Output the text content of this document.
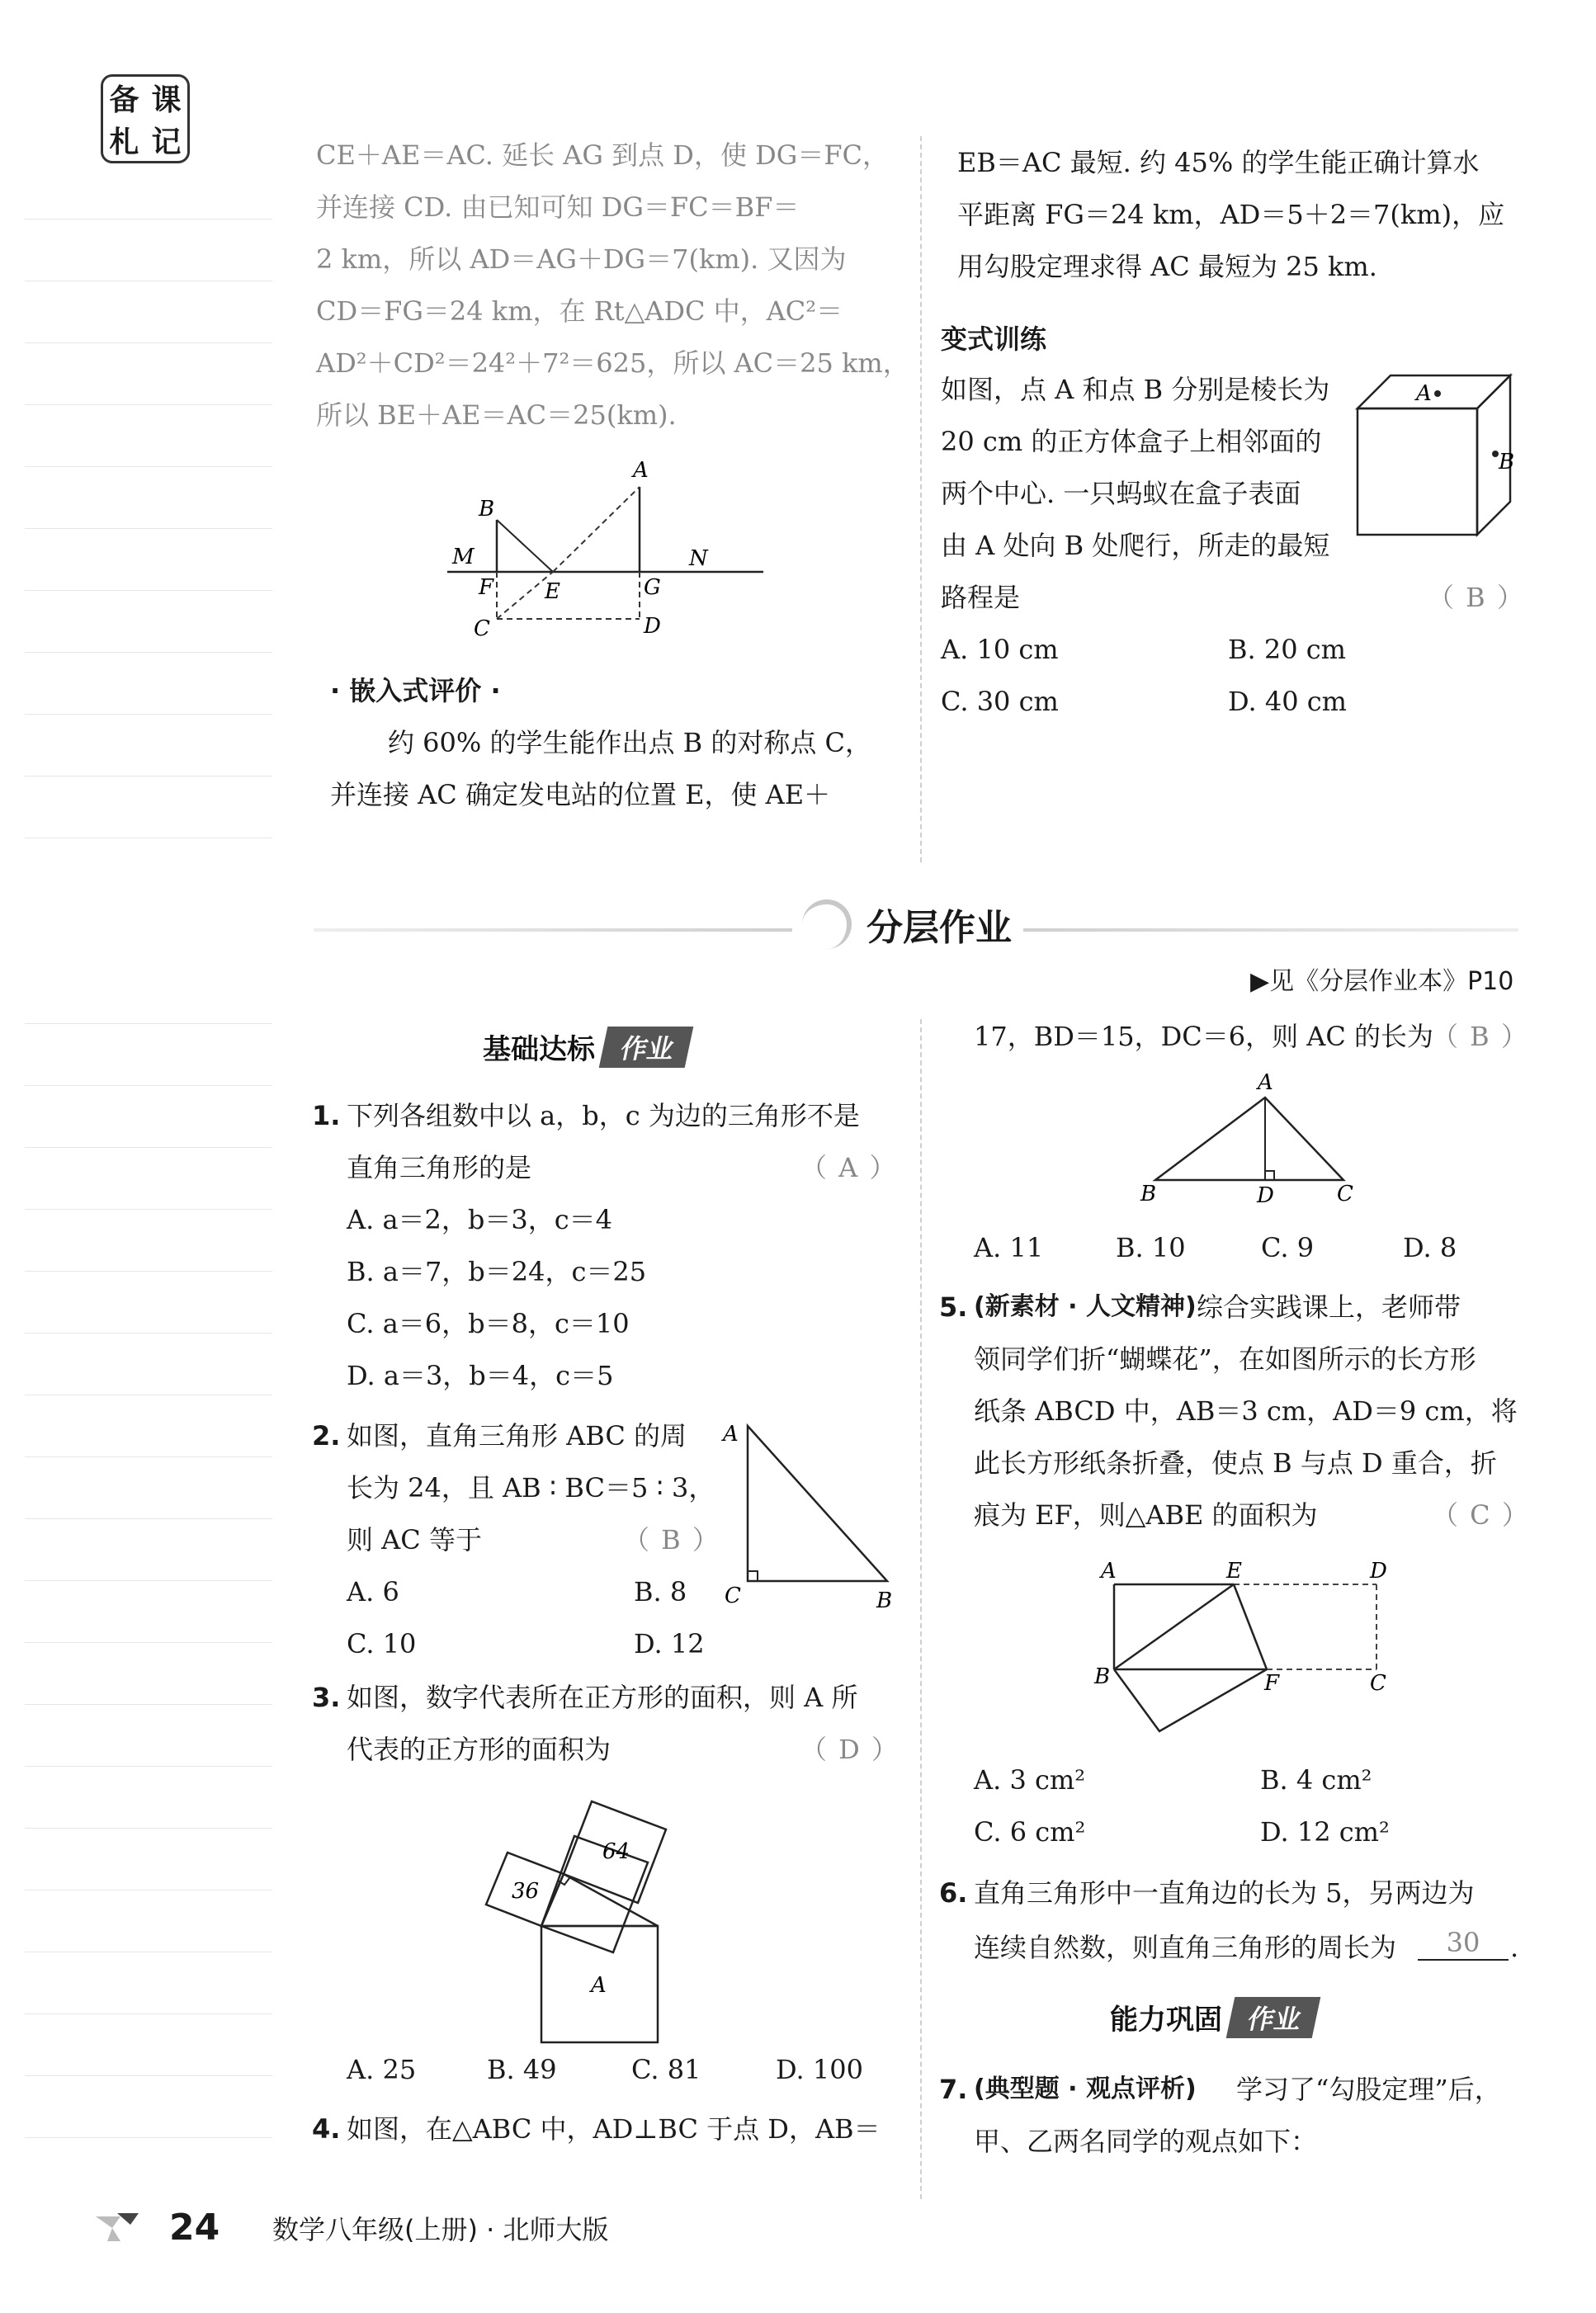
备 课
札 记	CE＋AE＝AC. 延长 AG 到点 D，使 DG＝FC，
并连接 CD. 由已知可知 DG＝FC＝BF＝
2 km，所以 AD＝AG＋DG＝7(km). 又因为
CD＝FG＝24 km，在 Rt△ADC 中，AC²＝
AD²＋CD²＝24²＋7²＝625，所以 AC＝25 km，
所以 BE＋AE＝AC＝25(km).
A
B
M	N
F E	G
C	D
· 嵌入式评价 ·
约 60% 的学生能作出点 B 的对称点 C，
并连接 AC 确定发电站的位置 E，使 AE＋
EB＝AC 最短. 约 45% 的学生能正确计算水
平距离 FG＝24 km，AD＝5＋2＝7(km)，应
用勾股定理求得 AC 最短为 25 km.
变式训练
如图，点 A 和点 B 分别是棱长为
20 cm 的正方体盒子上相邻面的
两个中心. 一只蚂蚁在盒子表面
由 A 处向 B 处爬行，所走的最短
路程是	（ B ）
A
B
A. 10 cm	B. 20 cm
C. 30 cm	D. 40 cm
分层作业
▶见《分层作业本》P10
基础达标 作业
1. 下列各组数中以 a，b，c 为边的三角形不是
直角三角形的是	（ A ）
A. a＝2，b＝3，c＝4
B. a＝7，b＝24，c＝25
C. a＝6，b＝8，c＝10
D. a＝3，b＝4，c＝5
2. 如图，直角三角形 ABC 的周
长为 24，且 AB ∶ BC＝5 ∶ 3，
则 AC 等于	（ B ）
A. 6	B. 8
C. 10	D. 12
A
C	B
3. 如图，数字代表所在正方形的面积，则 A 所
代表的正方形的面积为	（ D ）
36
64
A
A. 25	B. 49	C. 81	D. 100
4. 如图，在△ABC 中，AD⊥BC 于点 D，AB＝
17，BD＝15，DC＝6，则 AC 的长为
（ B ）
A
B	D	C
A. 11	B. 10	C. 9	D. 8
5. (新素材 · 人文精神) 综合实践课上，老师带
领同学们折“蝴蝶花”，在如图所示的长方形
纸条 ABCD 中，AB＝3 cm，AD＝9 cm，将
此长方形纸条折叠，使点 B 与点 D 重合，折
痕为 EF，则△ABE 的面积为	（ C ）
A	E	D
B	F	C
A. 3 cm²	B. 4 cm²
C. 6 cm²	D. 12 cm²
6. 直角三角形中一直角边的长为 5，另两边为
连续自然数，则直角三角形的周长为	30	.
能力巩固 作业
7. (典型题 · 观点评析) 学习了“勾股定理”后，
甲、乙两名同学的观点如下：
24 数学八年级(上册) · 北师大版
